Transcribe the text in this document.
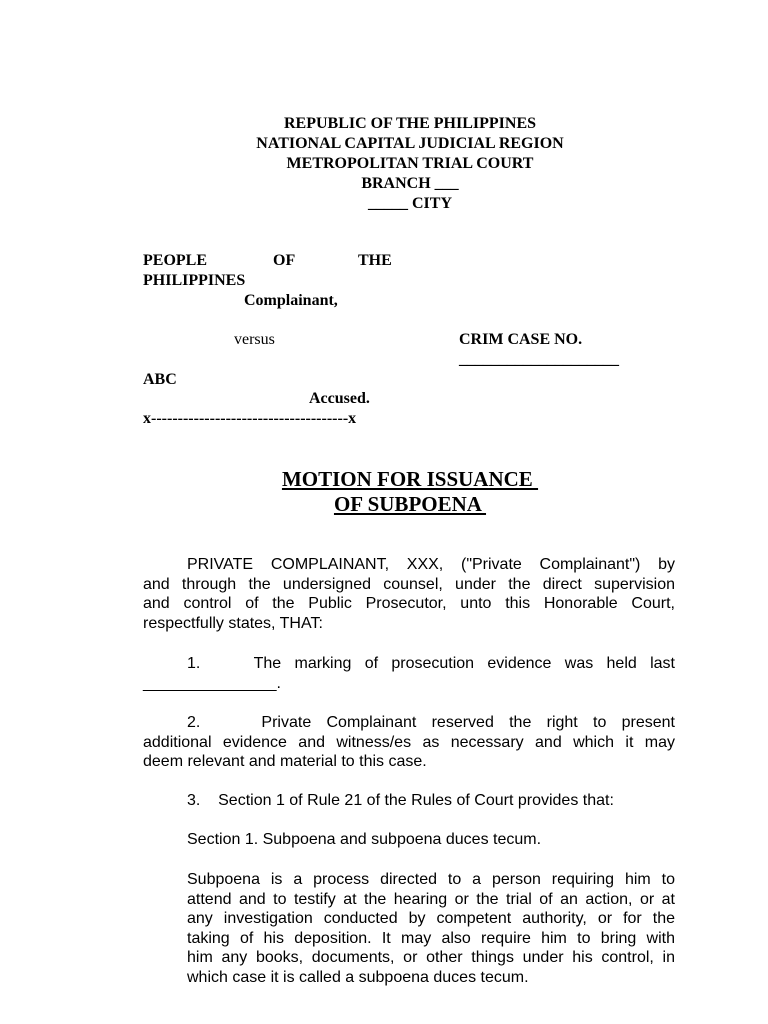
REPUBLIC OF THE PHILIPPINES
NATIONAL CAPITAL JUDICIAL REGION
METROPOLITAN TRIAL COURT
BRANCH ___
_____ CITY
PEOPLE	OF	THE
PHILIPPINES
Complainant,
versus	CRIM CASE NO.
____________________
ABC
Accused.
x-------------------------------------x
MOTION FOR ISSUANCE
OF SUBPOENA
PRIVATE COMPLAINANT, XXX, ("Private Complainant") by
and through the undersigned counsel, under the direct supervision
and control of the Public Prosecutor, unto this Honorable Court,
respectfully states, THAT:
1.    The marking of prosecution evidence was held last
_______________.
2.    Private Complainant reserved the right to present
additional evidence and witness/es as necessary and which it may
deem relevant and material to this case.
3.    Section 1 of Rule 21 of the Rules of Court provides that:
Section 1. Subpoena and subpoena duces tecum.
Subpoena is a process directed to a person requiring him to
attend and to testify at the hearing or the trial of an action, or at
any investigation conducted by competent authority, or for the
taking of his deposition. It may also require him to bring with
him any books, documents, or other things under his control, in
which case it is called a subpoena duces tecum.
